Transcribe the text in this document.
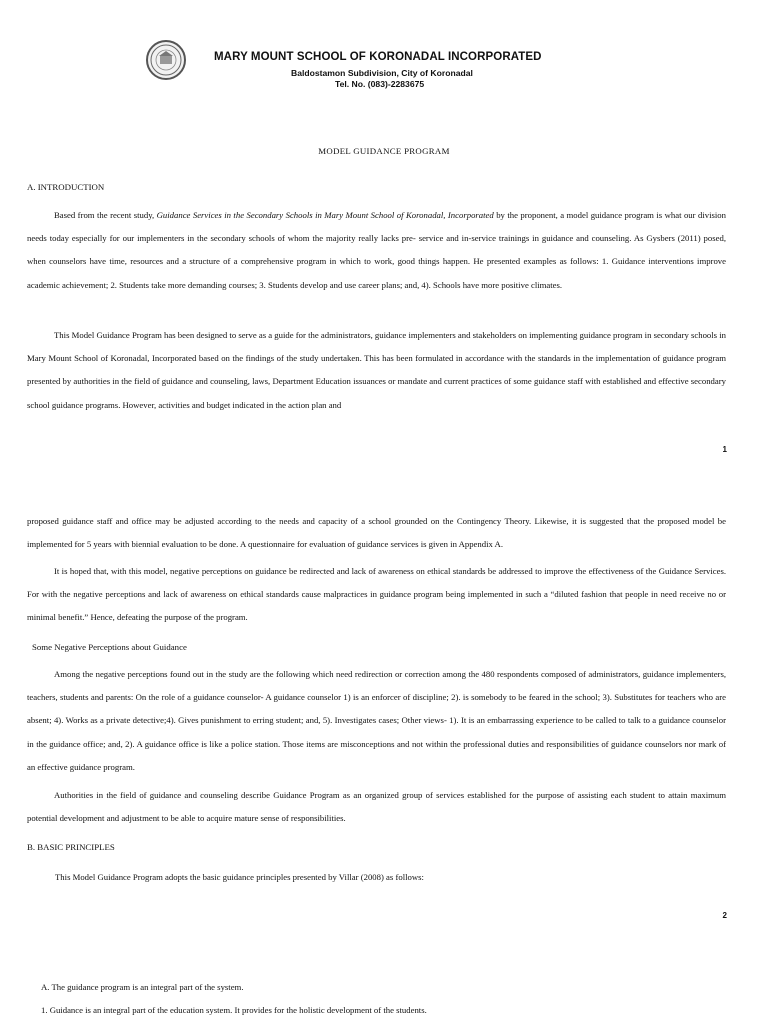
MARY MOUNT SCHOOL OF KORONADAL INCORPORATED
Baldostamon Subdivision, City of Koronadal
Tel. No. (083)-2283675
MODEL GUIDANCE PROGRAM
A. INTRODUCTION
Based from the recent study, Guidance Services in the Secondary Schools in Mary Mount School of Koronadal, Incorporated by the proponent, a model guidance program is what our division needs today especially for our implementers in the secondary schools of whom the majority really lacks pre- service and in-service trainings in guidance and counseling. As Gysbers (2011) posed, when counselors have time, resources and a structure of a comprehensive program in which to work, good things happen. He presented examples as follows: 1. Guidance interventions improve academic achievement; 2. Students take more demanding courses; 3. Students develop and use career plans; and, 4). Schools have more positive climates.
This Model Guidance Program has been designed to serve as a guide for the administrators, guidance implementers and stakeholders on implementing guidance program in secondary schools in Mary Mount School of Koronadal, Incorporated based on the findings of the study undertaken. This has been formulated in accordance with the standards in the implementation of guidance program presented by authorities in the field of guidance and counseling, laws, Department Education issuances or mandate and current practices of some guidance staff with established and effective secondary school guidance programs. However, activities and budget indicated in the action plan and
1
proposed guidance staff and office may be adjusted according to the needs and capacity of a school grounded on the Contingency Theory. Likewise, it is suggested that the proposed model be implemented for 5 years with biennial evaluation to be done. A questionnaire for evaluation of guidance services is given in Appendix A.
It is hoped that, with this model, negative perceptions on guidance be redirected and lack of awareness on ethical standards be addressed to improve the effectiveness of the Guidance Services. For with the negative perceptions and lack of awareness on ethical standards cause malpractices in guidance program being implemented in such a “diluted fashion that people in need receive no or minimal benefit.” Hence, defeating the purpose of the program.
Some Negative Perceptions about Guidance
Among the negative perceptions found out in the study are the following which need redirection or correction among the 480 respondents composed of administrators, guidance implementers, teachers, students and parents: On the role of a guidance counselor- A guidance counselor 1) is an enforcer of discipline; 2). is somebody to be feared in the school; 3). Substitutes for teachers who are absent; 4). Works as a private detective;4). Gives punishment to erring student; and, 5). Investigates cases; Other views- 1). It is an embarrassing experience to be called to talk to a guidance counselor in the guidance office; and, 2). A guidance office is like a police station. Those items are misconceptions and not within the professional duties and responsibilities of guidance counselors nor mark of an effective guidance program.
Authorities in the field of guidance and counseling describe Guidance Program as an organized group of services established for the purpose of assisting each student to attain maximum potential development and adjustment to be able to acquire mature sense of responsibilities.
B. BASIC PRINCIPLES
This Model Guidance Program adopts the basic guidance principles presented by Villar (2008) as follows:
2
A. The guidance program is an integral part of the system.
1. Guidance is an integral part of the education system. It provides for the holistic development of the students.
